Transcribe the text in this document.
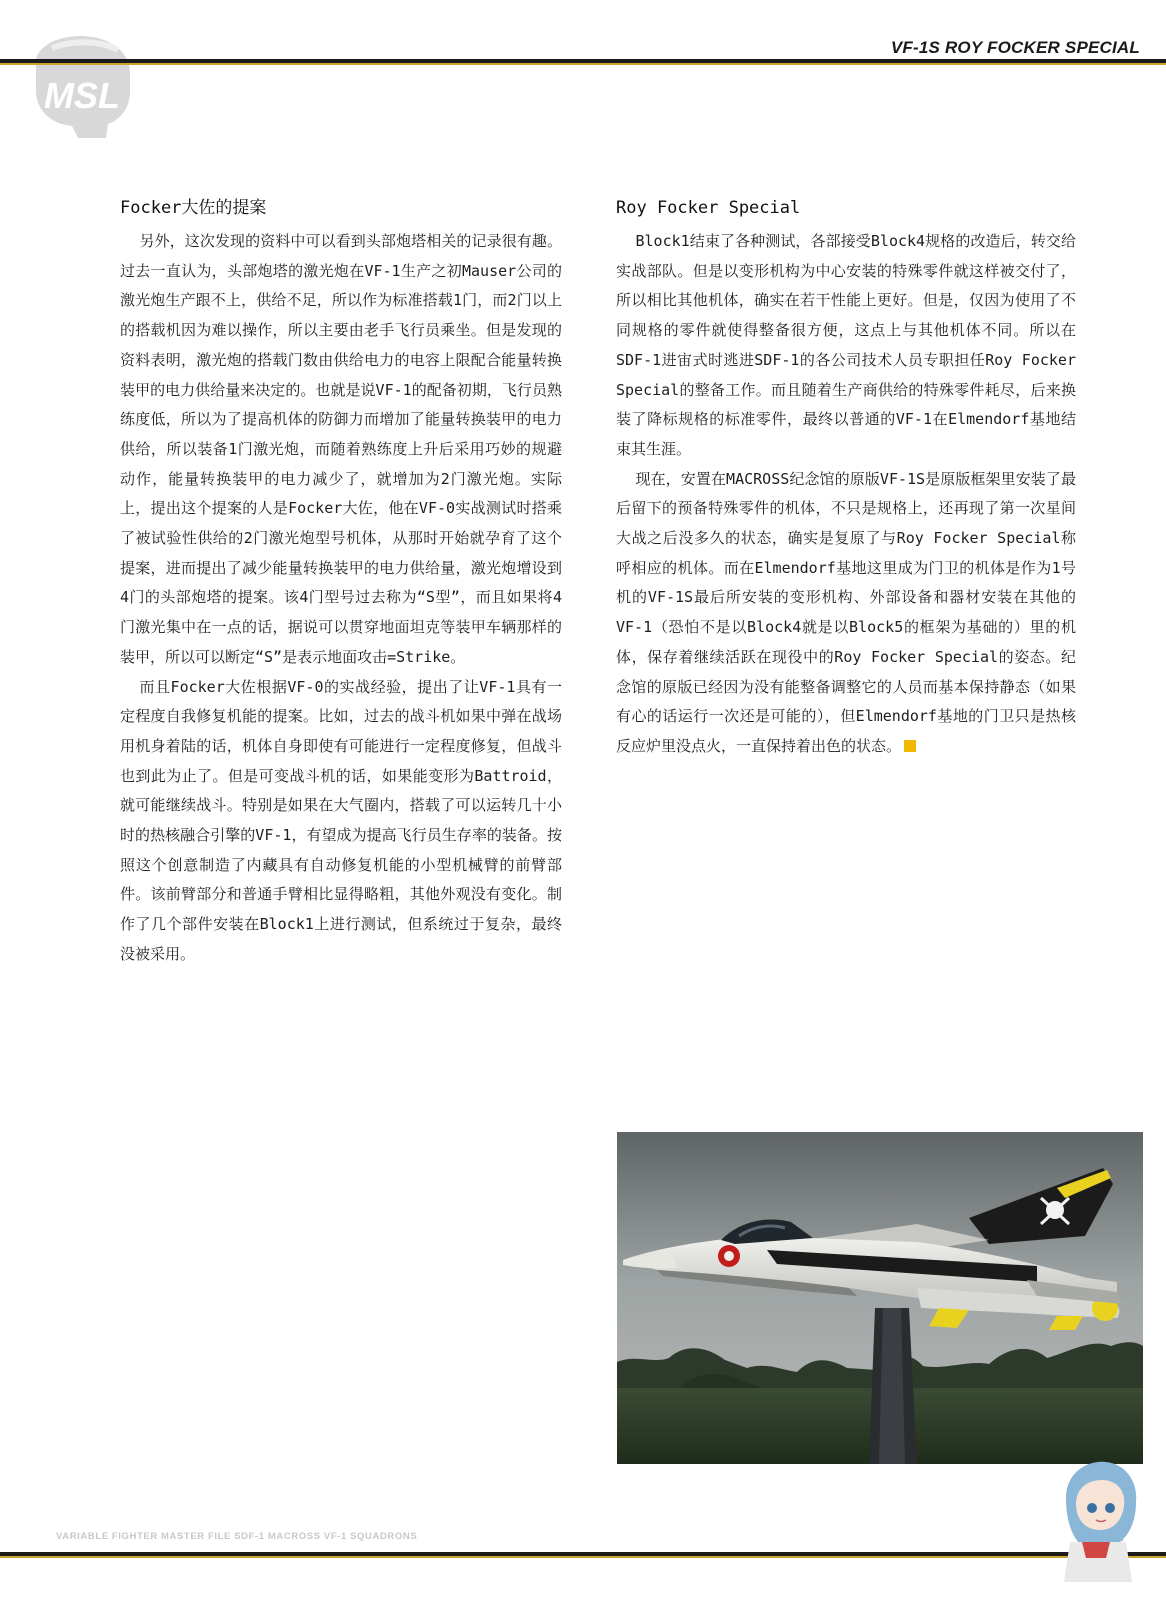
MSL
VF-1S ROY FOCKER SPECIAL
Focker大佐的提案

另外，这次发现的资料中可以看到头部炮塔相关的记录很有趣。过去一直认为，头部炮塔的激光炮在VF-1生产之初Mauser公司的激光炮生产跟不上，供给不足，所以作为标准搭载1门，而2门以上的搭载机因为难以操作，所以主要由老手飞行员乘坐。但是发现的资料表明，激光炮的搭载门数由供给电力的电容上限配合能量转换装甲的电力供给量来决定的。也就是说VF-1的配备初期，飞行员熟练度低，所以为了提高机体的防御力而增加了能量转换装甲的电力供给，所以装备1门激光炮，而随着熟练度上升后采用巧妙的规避动作，能量转换装甲的电力减少了，就增加为2门激光炮。实际上，提出这个提案的人是Focker大佐，他在VF-0实战测试时搭乘了被试验性供给的2门激光炮型号机体，从那时开始就孕育了这个提案，进而提出了减少能量转换装甲的电力供给量，激光炮增设到4门的头部炮塔的提案。该4门型号过去称为“S型”，而且如果将4门激光集中在一点的话，据说可以贯穿地面坦克等装甲车辆那样的装甲，所以可以断定“S”是表示地面攻击=Strike。

而且Focker大佐根据VF-0的实战经验，提出了让VF-1具有一定程度自我修复机能的提案。比如，过去的战斗机如果中弹在战场用机身着陆的话，机体自身即使有可能进行一定程度修复，但战斗也到此为止了。但是可变战斗机的话，如果能变形为Battroid，就可能继续战斗。特别是如果在大气圈内，搭载了可以运转几十小时的热核融合引擎的VF-1，有望成为提高飞行员生存率的装备。按照这个创意制造了内藏具有自动修复机能的小型机械臂的前臂部件。该前臂部分和普通手臂相比显得略粗，其他外观没有变化。制作了几个部件安装在Block1上进行测试，但系统过于复杂，最终没被采用。

Roy Focker Special

Block1结束了各种测试，各部接受Block4规格的改造后，转交给实战部队。但是以变形机构为中心安装的特殊零件就这样被交付了，所以相比其他机体，确实在若干性能上更好。但是，仅因为使用了不同规格的零件就使得整备很方便，这点上与其他机体不同。所以在SDF-1进宙式时逃进SDF-1的各公司技术人员专职担任Roy Focker Special的整备工作。而且随着生产商供给的特殊零件耗尽，后来换装了降标规格的标准零件，最终以普通的VF-1在Elmendorf基地结束其生涯。

现在，安置在MACROSS纪念馆的原版VF-1S是原版框架里安装了最后留下的预备特殊零件的机体，不只是规格上，还再现了第一次星间大战之后没多久的状态，确实是复原了与Roy Focker Special称呼相应的机体。而在Elmendorf基地这里成为门卫的机体是作为1号机的VF-1S最后所安装的变形机构、外部设备和器材安装在其他的VF-1（恐怕不是以Block4就是以Block5的框架为基础的）里的机体，保存着继续活跃在现役中的Roy Focker Special的姿态。纪念馆的原版已经因为没有能整备调整它的人员而基本保持静态（如果有心的话运行一次还是可能的），但Elmendorf基地的门卫只是热核反应炉里没点火，一直保持着出色的状态。

VARIABLE FIGHTER MASTER FILE SDF-1 MACROSS VF-1 SQUADRONS
